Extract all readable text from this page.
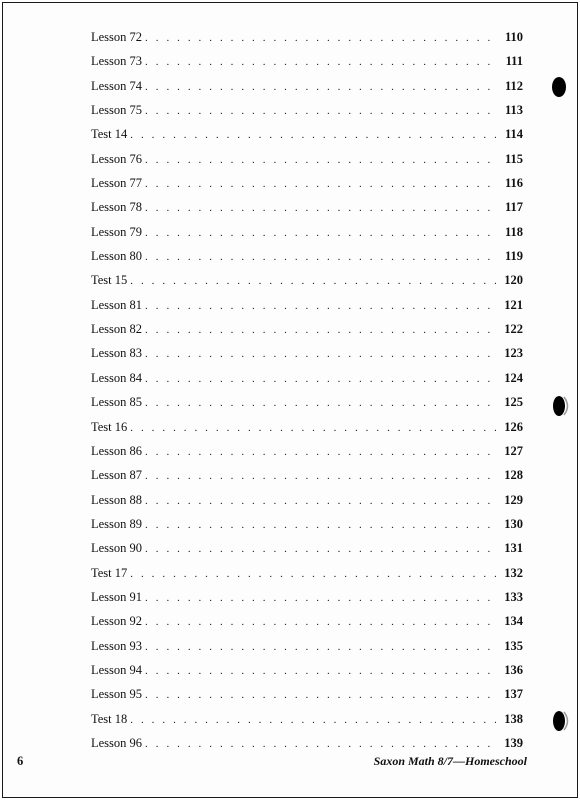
Lesson 72 . . .	110
Lesson 73 . . .	111
Lesson 74 . . .	112
Lesson 75 . . .	113
Test 14 . . .	114
Lesson 76 . . .	115
Lesson 77 . . .	116
Lesson 78 . . .	117
Lesson 79 . . .	118
Lesson 80 . . .	119
Test 15 . . .	120
Lesson 81 . . .	121
Lesson 82 . . .	122
Lesson 83 . . .	123
Lesson 84 . . .	124
Lesson 85 . . .	125
Test 16 . . .	126
Lesson 86 . . .	127
Lesson 87 . . .	128
Lesson 88 . . .	129
Lesson 89 . . .	130
Lesson 90 . . .	131
Test 17 . . .	132
Lesson 91 . . .	133
Lesson 92 . . .	134
Lesson 93 . . .	135
Lesson 94 . . .	136
Lesson 95 . . .	137
Test 18 . . .	138
Lesson 96 . . .	139
6	Saxon Math 8/7—Homeschool
